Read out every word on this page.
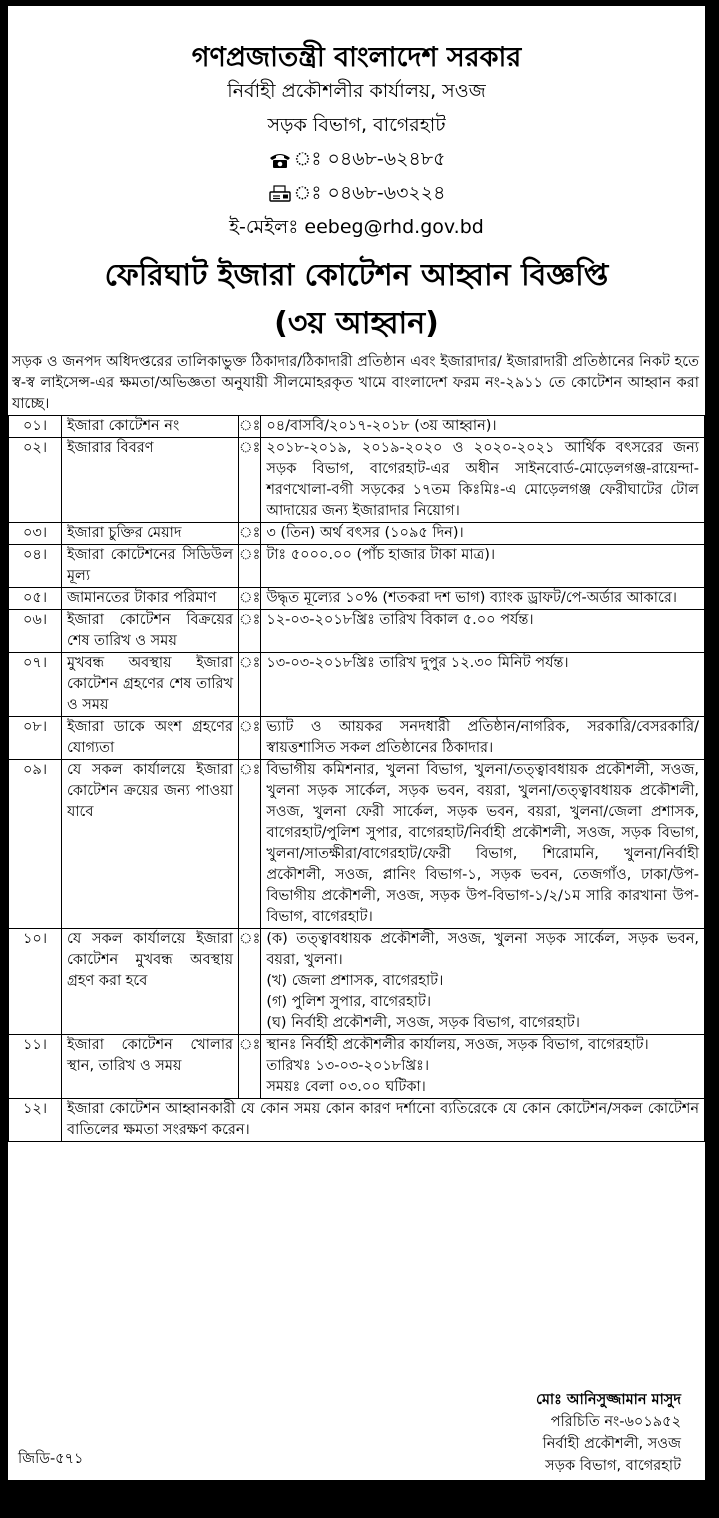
গণপ্রজাতন্ত্রী বাংলাদেশ সরকার
নির্বাহী প্রকৌশলীর কার্যালয়, সওজ
সড়ক বিভাগ, বাগেরহাট
ঃ ০৪৬৮-৬২৪৮৫
ঃ ০৪৬৮-৬৩২২৪
ই-মেইলঃ eebeg@rhd.gov.bd
ফেরিঘাট ইজারা কোটেশন আহ্বান বিজ্ঞপ্তি
(৩য় আহ্বান)
সড়ক ও জনপদ অধিদপ্তরের তালিকাভুক্ত ঠিকাদার/ঠিকাদারী প্রতিষ্ঠান এবং ইজারাদার/ ইজারাদারী প্রতিষ্ঠানের নিকট হতে স্ব-স্ব লাইসেন্স-এর ক্ষমতা/অভিজ্ঞতা অনুযায়ী সীলমোহরকৃত খামে বাংলাদেশ ফরম নং-২৯১১ তে কোটেশন আহ্বান করা যাচ্ছে।
০১।	ইজারা কোটেশন নং	ঃ	০৪/বাসবি/২০১৭-২০১৮ (৩য় আহ্বান)।
০২।	ইজারার বিবরণ	ঃ	২০১৮-২০১৯, ২০১৯-২০২০ ও ২০২০-২০২১ আর্থিক বৎসরের জন্য সড়ক বিভাগ, বাগেরহাট-এর অধীন সাইনবোর্ড-মোড়েলগঞ্জ-রায়েন্দা-শরণখোলা-বগী সড়কের ১৭তম কিঃমিঃ-এ মোড়েলগঞ্জ ফেরীঘাটের টোল আদায়ের জন্য ইজারাদার নিয়োগ।
০৩।	ইজারা চুক্তির মেয়াদ	ঃ	৩ (তিন) অর্থ বৎসর (১০৯৫ দিন)।
০৪।	ইজারা কোটেশনের সিডিউল মূল্য	ঃ	টাঃ ৫০০০.০০ (পাঁচ হাজার টাকা মাত্র)।
০৫।	জামানতের টাকার পরিমাণ	ঃ	উদ্ধৃত মূল্যের ১০% (শতকরা দশ ভাগ) ব্যাংক ড্রাফট/পে-অর্ডার আকারে।
০৬।	ইজারা কোটেশন বিক্রয়ের শেষ তারিখ ও সময়	ঃ	১২-০৩-২০১৮খ্রিঃ তারিখ বিকাল ৫.০০ পর্যন্ত।
০৭।	মুখবন্ধ অবস্থায় ইজারা কোটেশন গ্রহণের শেষ তারিখ ও সময়	ঃ	১৩-০৩-২০১৮খ্রিঃ তারিখ দুপুর ১২.৩০ মিনিট পর্যন্ত।
০৮।	ইজারা ডাকে অংশ গ্রহণের যোগ্যতা	ঃ	ভ্যাট ও আয়কর সনদধারী প্রতিষ্ঠান/নাগরিক, সরকারি/বেসরকারি/স্বায়ত্তশাসিত সকল প্রতিষ্ঠানের ঠিকাদার।
০৯।	যে সকল কার্যালয়ে ইজারা কোটেশন ক্রয়ের জন্য পাওয়া যাবে	ঃ	বিভাগীয় কমিশনার, খুলনা বিভাগ, খুলনা/তত্ত্বাবধায়ক প্রকৌশলী, সওজ, খুলনা সড়ক সার্কেল, সড়ক ভবন, বয়রা, খুলনা/তত্ত্বাবধায়ক প্রকৌশলী, সওজ, খুলনা ফেরী সার্কেল, সড়ক ভবন, বয়রা, খুলনা/জেলা প্রশাসক, বাগেরহাট/পুলিশ সুপার, বাগেরহাট/নির্বাহী প্রকৌশলী, সওজ, সড়ক বিভাগ, খুলনা/সাতক্ষীরা/বাগেরহাট/ফেরী বিভাগ, শিরোমনি, খুলনা/নির্বাহী প্রকৌশলী, সওজ, প্লানিং বিভাগ-১, সড়ক ভবন, তেজগাঁও, ঢাকা/উপ-বিভাগীয় প্রকৌশলী, সওজ, সড়ক উপ-বিভাগ-১/২/১ম সারি কারখানা উপ-বিভাগ, বাগেরহাট।
১০।	যে সকল কার্যালয়ে ইজারা কোটেশন মুখবন্ধ অবস্থায় গ্রহণ করা হবে	ঃ	(ক) তত্ত্বাবধায়ক প্রকৌশলী, সওজ, খুলনা সড়ক সার্কেল, সড়ক ভবন, বয়রা, খুলনা।
(খ) জেলা প্রশাসক, বাগেরহাট।
(গ) পুলিশ সুপার, বাগেরহাট।
(ঘ) নির্বাহী প্রকৌশলী, সওজ, সড়ক বিভাগ, বাগেরহাট।

১১।	ইজারা কোটেশন খোলার স্থান, তারিখ ও সময়	ঃ	স্থানঃ নির্বাহী প্রকৌশলীর কার্যালয়, সওজ, সড়ক বিভাগ, বাগেরহাট।
তারিখঃ ১৩-০৩-২০১৮খ্রিঃ।
সময়ঃ বেলা ০৩.০০ ঘটিকা।

১২।	ইজারা কোটেশন আহ্বানকারী যে কোন সময় কোন কারণ দর্শানো ব্যতিরেকে যে কোন কোটেশন/সকল কোটেশন বাতিলের ক্ষমতা সংরক্ষণ করেন।		
মোঃ আনিসুজ্জামান মাসুদ
পরিচিতি নং-৬০১৯৫২
নির্বাহী প্রকৌশলী, সওজ
সড়ক বিভাগ, বাগেরহাট
জিডি-৫৭১
